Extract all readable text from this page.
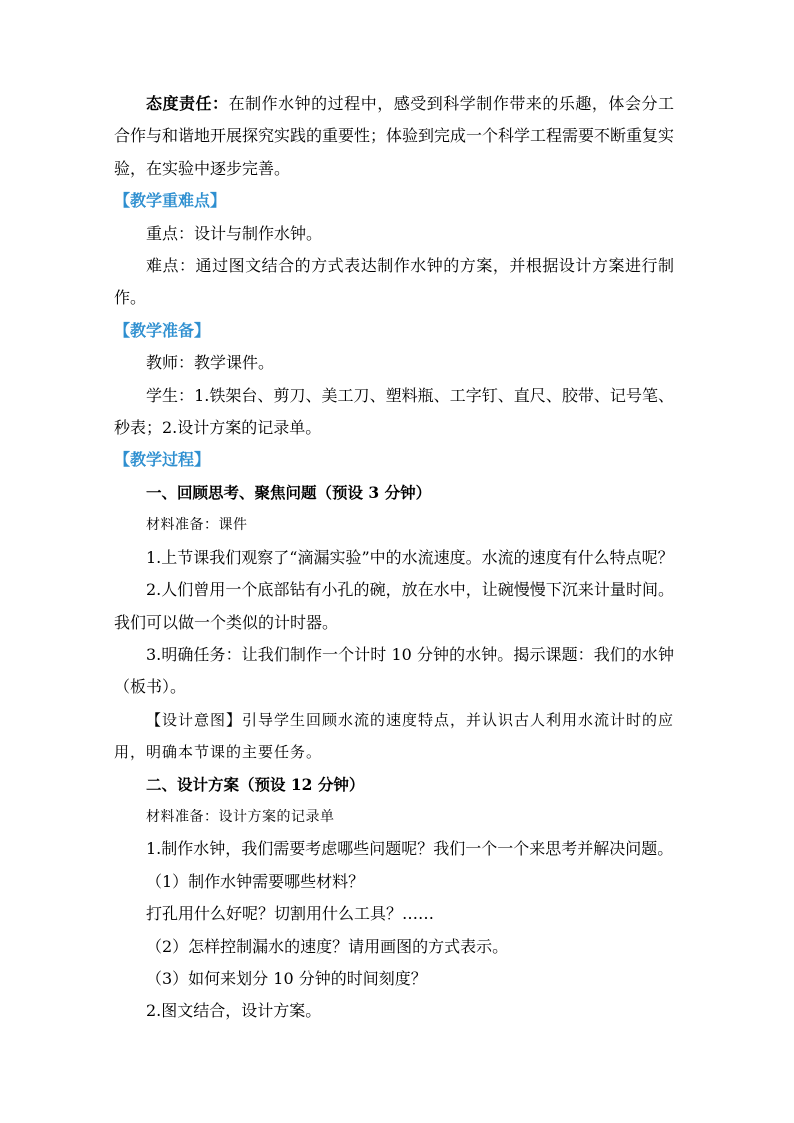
态度责任：在制作水钟的过程中，感受到科学制作带来的乐趣，体会分工合作与和谐地开展探究实践的重要性；体验到完成一个科学工程需要不断重复实验，在实验中逐步完善。

【教学重难点】

重点：设计与制作水钟。

难点：通过图文结合的方式表达制作水钟的方案，并根据设计方案进行制作。

【教学准备】

教师：教学课件。

学生：1.铁架台、剪刀、美工刀、塑料瓶、工字钉、直尺、胶带、记号笔、秒表；2.设计方案的记录单。

【教学过程】

一、回顾思考、聚焦问题（预设 3 分钟）

材料准备：课件

1.上节课我们观察了“滴漏实验”中的水流速度。水流的速度有什么特点呢？

2.人们曾用一个底部钻有小孔的碗，放在水中，让碗慢慢下沉来计量时间。我们可以做一个类似的计时器。

3.明确任务：让我们制作一个计时 10 分钟的水钟。揭示课题：我们的水钟（板书）。

【设计意图】引导学生回顾水流的速度特点，并认识古人利用水流计时的应用，明确本节课的主要任务。

二、设计方案（预设 12 分钟）

材料准备：设计方案的记录单

1.制作水钟，我们需要考虑哪些问题呢？我们一个一个来思考并解决问题。

（1）制作水钟需要哪些材料？

打孔用什么好呢？切割用什么工具？……

（2）怎样控制漏水的速度？请用画图的方式表示。

（3）如何来划分 10 分钟的时间刻度？

2.图文结合，设计方案。
